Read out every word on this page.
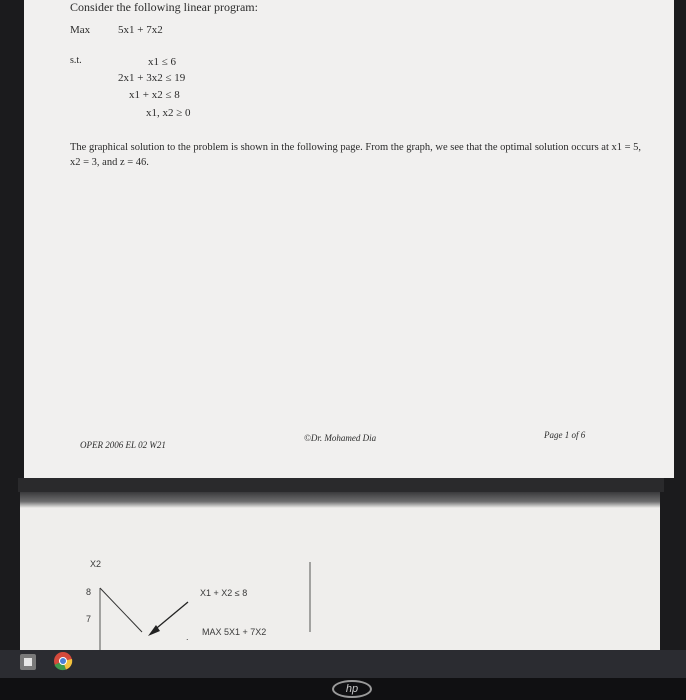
Consider the following linear program:
Max	5x1 + 7x2
s.t.	x1 ≤ 6
2x1 + 3x2 ≤ 19
x1 + x2 ≤ 8
x1, x2 ≥ 0
The graphical solution to the problem is shown in the following page. From the graph, we see that the optimal solution occurs at x1 = 5, x2 = 3, and z = 46.
OPER 2006 EL 02 W21
©Dr. Mohamed Dia	Page 1 of 6
X2
8
7
X1 + X2 ≤ 8
. MAX 5X1 + 7X2
hp
